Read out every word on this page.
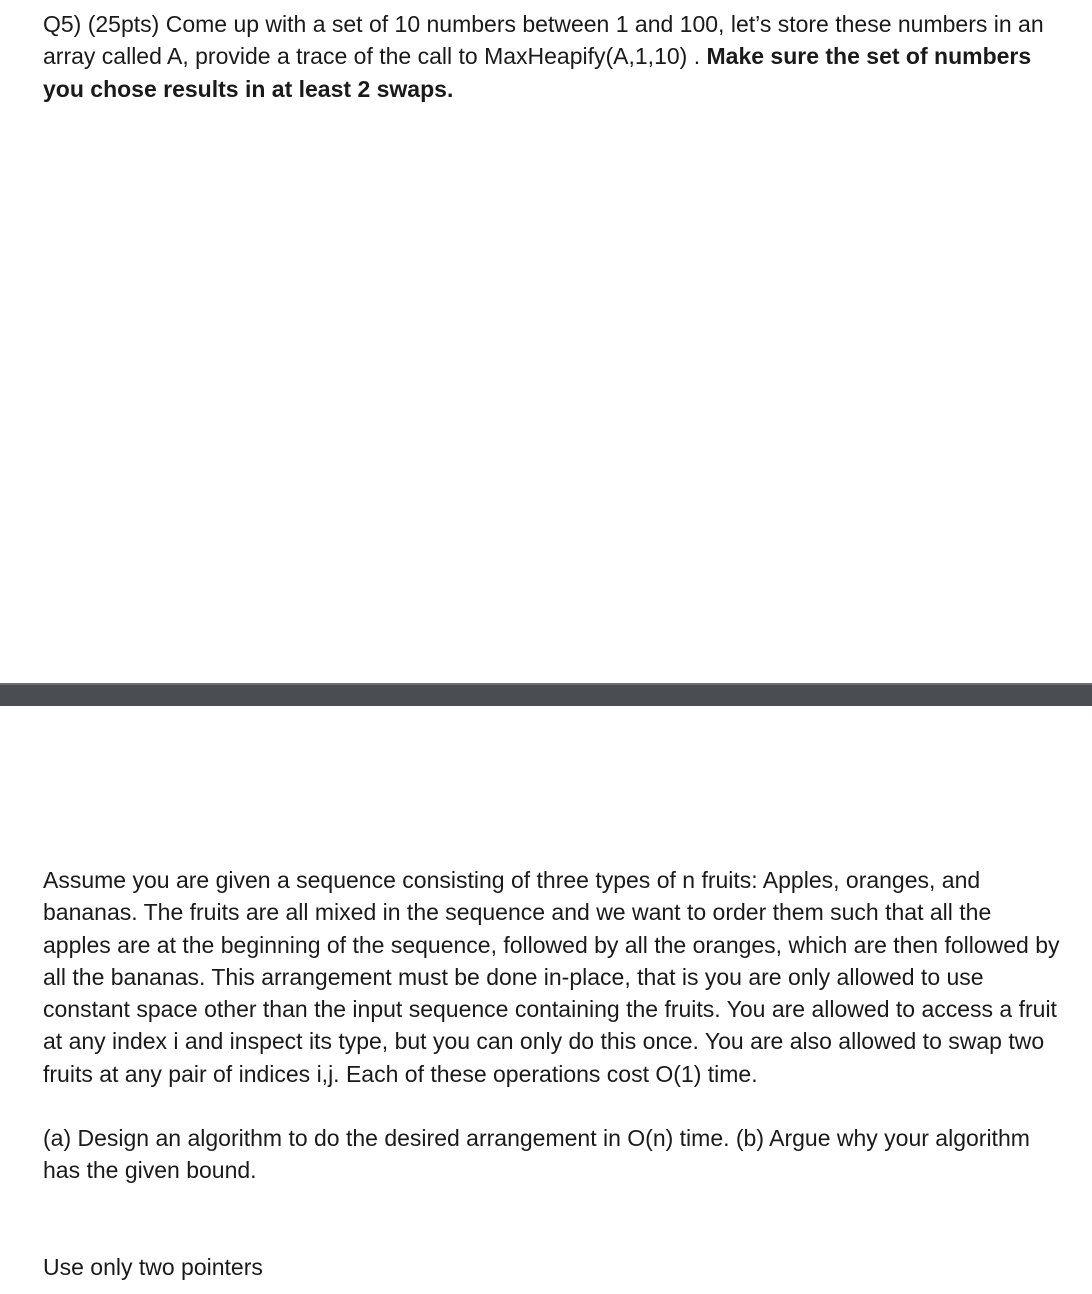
Q5) (25pts) Come up with a set of 10 numbers between 1 and 100, let’s store these numbers in an array called A, provide a trace of the call to MaxHeapify(A,1,10) . Make sure the set of numbers you chose results in at least 2 swaps.

Assume you are given a sequence consisting of three types of n fruits: Apples, oranges, and bananas. The fruits are all mixed in the sequence and we want to order them such that all the apples are at the beginning of the sequence, followed by all the oranges, which are then followed by all the bananas. This arrangement must be done in-place, that is you are only allowed to use constant space other than the input sequence containing the fruits. You are allowed to access a fruit at any index i and inspect its type, but you can only do this once. You are also allowed to swap two fruits at any pair of indices i,j. Each of these operations cost O(1) time.

(a) Design an algorithm to do the desired arrangement in O(n) time. (b) Argue why your algorithm has the given bound.

Use only two pointers
